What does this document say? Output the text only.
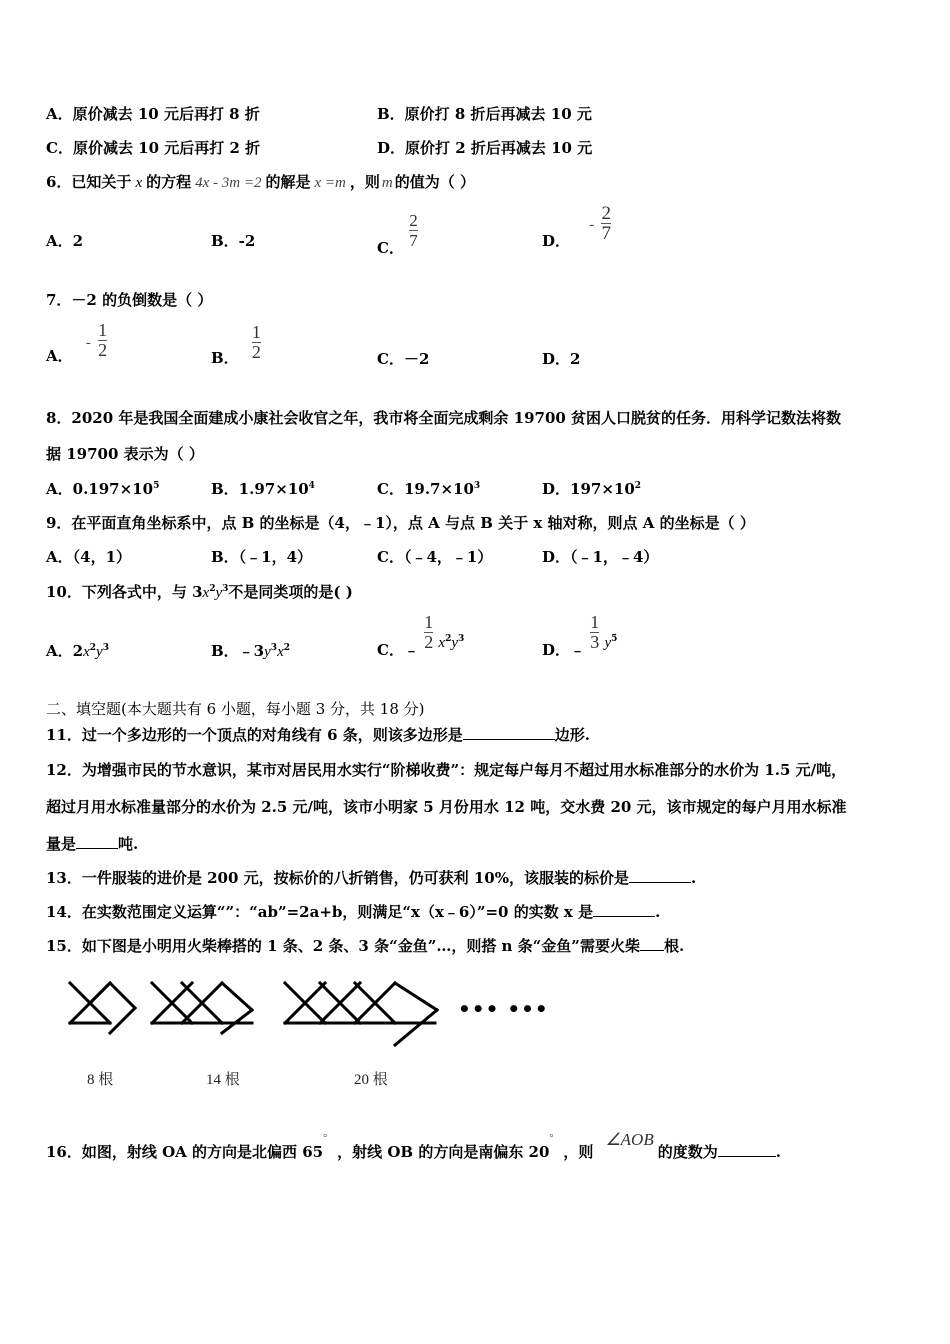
A．原价减去 10 元后再打 8 折	B．原价打 8 折后再减去 10 元
C．原价减去 10 元后再打 2 折	D．原价打 2 折后再减去 10 元
6．已知关于 x 的方程 4x - 3m =2 的解是 x =m ，则 m 的值为（ ）
A．2	B．-2	C． $\frac{2}{7}$	D． - $\frac{2}{7}$
7．－2 的负倒数是（ ）
A． - $\frac{1}{2}$	B． $\frac{1}{2}$	C．－2	D．2
8．2020 年是我国全面建成小康社会收官之年，我市将全面完成剩余 19700 贫困人口脱贫的任务．用科学记数法将数
据 19700 表示为（ ）
A．$0.197\times 10^5$	B．$1.97\times 10^4$	C．$19.7\times 10^3$	D．$197\times 10^2$
9．在平面直角坐标系中，点 B 的坐标是（4，﹣1），点 A 与点 B 关于 x 轴对称，则点 A 的坐标是（ ）
A．（4，1）	B．（﹣1，4）	C．（﹣4，﹣1）	D．（﹣1，﹣4）
10．下列各式中，与 $3x^2y^3$不是同类项的是( )
A．$2x^2y^3$	B．$﹣3y^3x^2$	C．﹣ $\frac{1}{2} x^2y^3$
D．﹣ $\frac{1}{3} y^5$
二、填空题(本大题共有 6 小题，每小题 3 分，共 18 分)
11．过一个多边形的一个顶点的对角线有 6 条，则该多边形是	边形.
12．为增强市民的节水意识，某市对居民用水实行“阶梯收费”：规定每户每月不超过用水标准部分的水价为 1.5 元/吨，
超过月用水标准量部分的水价为 2.5 元/吨，该市小明家 5 月份用水 12 吨，交水费 20 元，该市规定的每户月用水标准
量是	吨.
13．一件服装的进价是 200 元，按标价的八折销售，仍可获利 10%，该服装的标价是	.
14．在实数范围定义运算“”：“ab”=2a+b，则满足“x（x﹣6）”=0 的实数 x 是	.
15．如下图是小明用火柴棒搭的 1 条、2 条、3 条“金鱼”…，则搭 n 条“金鱼”需要火柴 根.
••• •••
8 根	14 根	20 根
16．如图，射线 OA 的方向是北偏西 65°，射线 OB 的方向是南偏东 20°，则∠AOB的度数为	.
